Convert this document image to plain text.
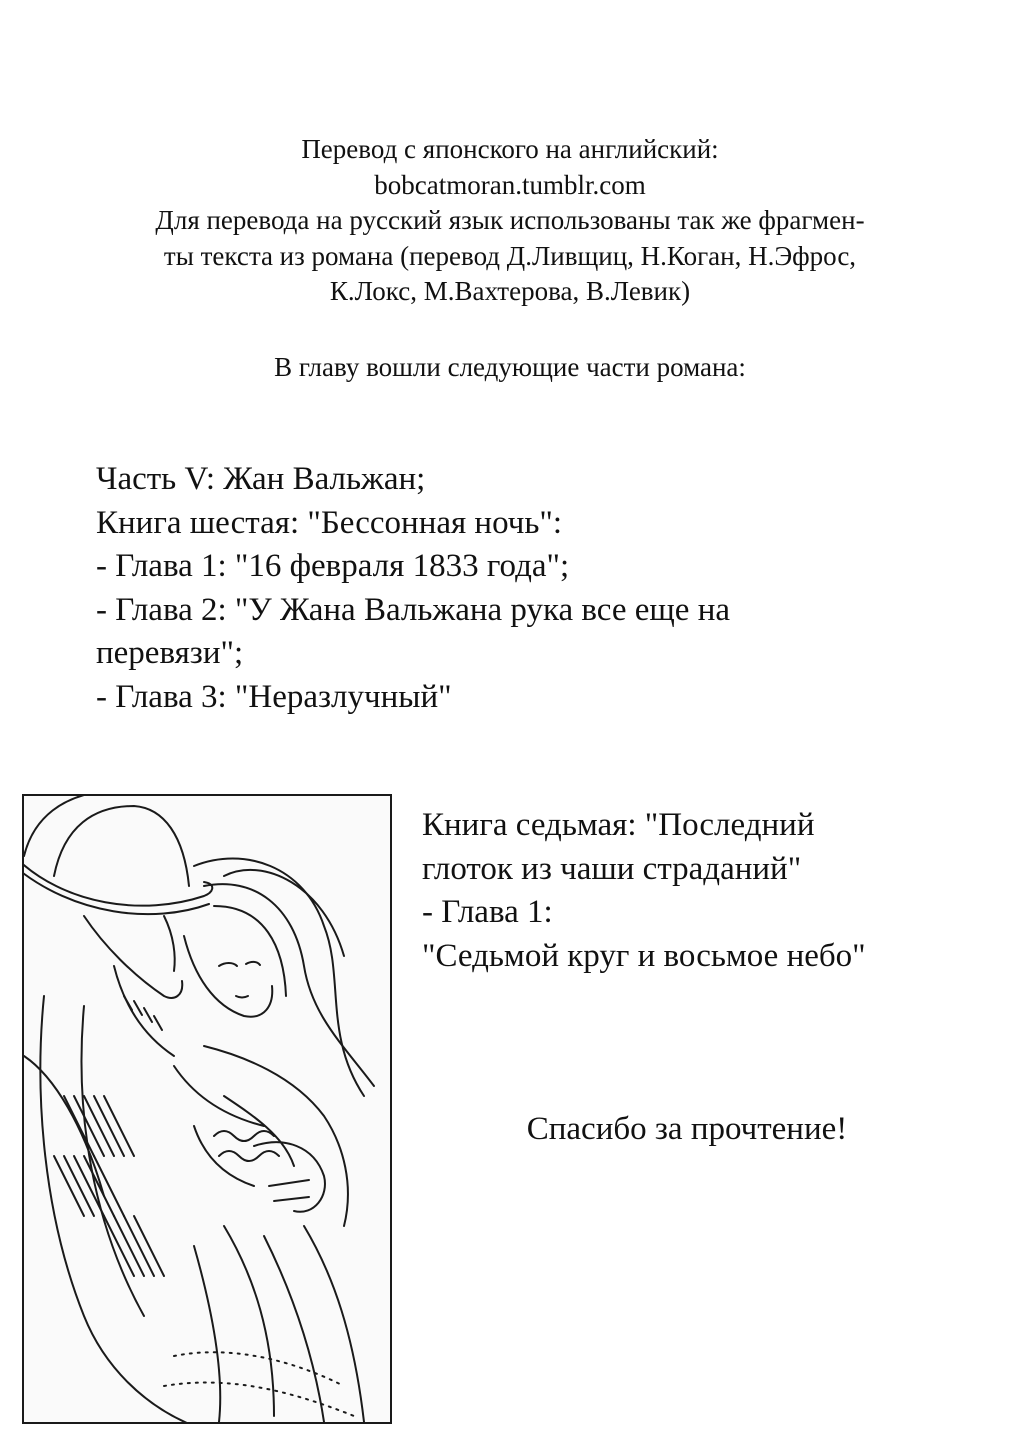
Перевод с японского на английский:
bobcatmoran.tumblr.com
Для перевода на русский язык использованы так же фрагмен-
ты текста из романа (перевод Д.Ливщиц, Н.Коган, Н.Эфрос,
К.Локс, М.Вахтерова, В.Левик)
В главу вошли следующие части романа:
Часть V: Жан Вальжан;
Книга шестая: "Бессонная ночь":
- Глава 1: "16 февраля 1833 года";
- Глава 2: "У Жана Вальжана рука все еще на
перевязи";
- Глава 3: "Неразлучный"
Книга седьмая: "Последний
глоток из чаши страданий"
- Глава 1:
"Седьмой круг и восьмое небо"
Спасибо за прочтение!
